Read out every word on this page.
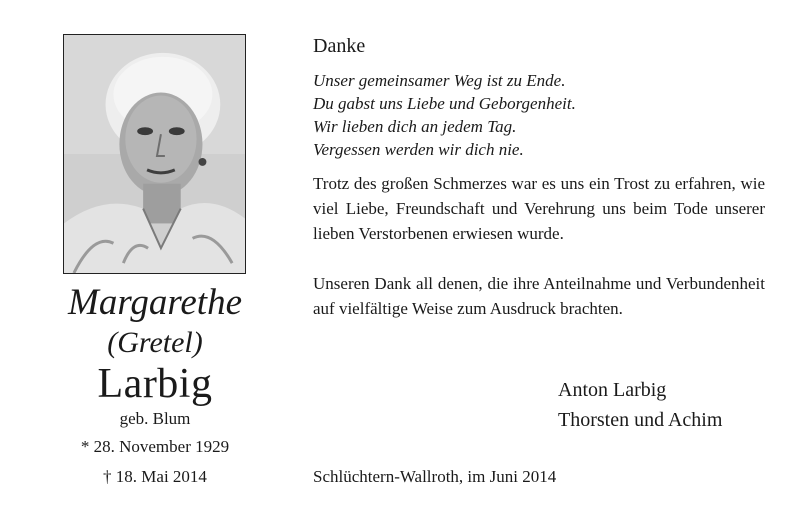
Margarethe
(Gretel)
Larbig
geb. Blum
* 28. November 1929
† 18. Mai 2014
Danke
Unser gemeinsamer Weg ist zu Ende.
Du gabst uns Liebe und Geborgenheit.
Wir lieben dich an jedem Tag.
Vergessen werden wir dich nie.
Trotz des großen Schmerzes war es uns ein Trost zu erfahren, wie viel Liebe, Freundschaft und Verehrung uns beim Tode unserer lieben Verstorbenen erwiesen wurde.
Unseren Dank all denen, die ihre Anteilnahme und Verbundenheit auf vielfältige Weise zum Ausdruck brachten.
Anton Larbig
Thorsten und Achim
Schlüchtern-Wallroth, im Juni 2014
